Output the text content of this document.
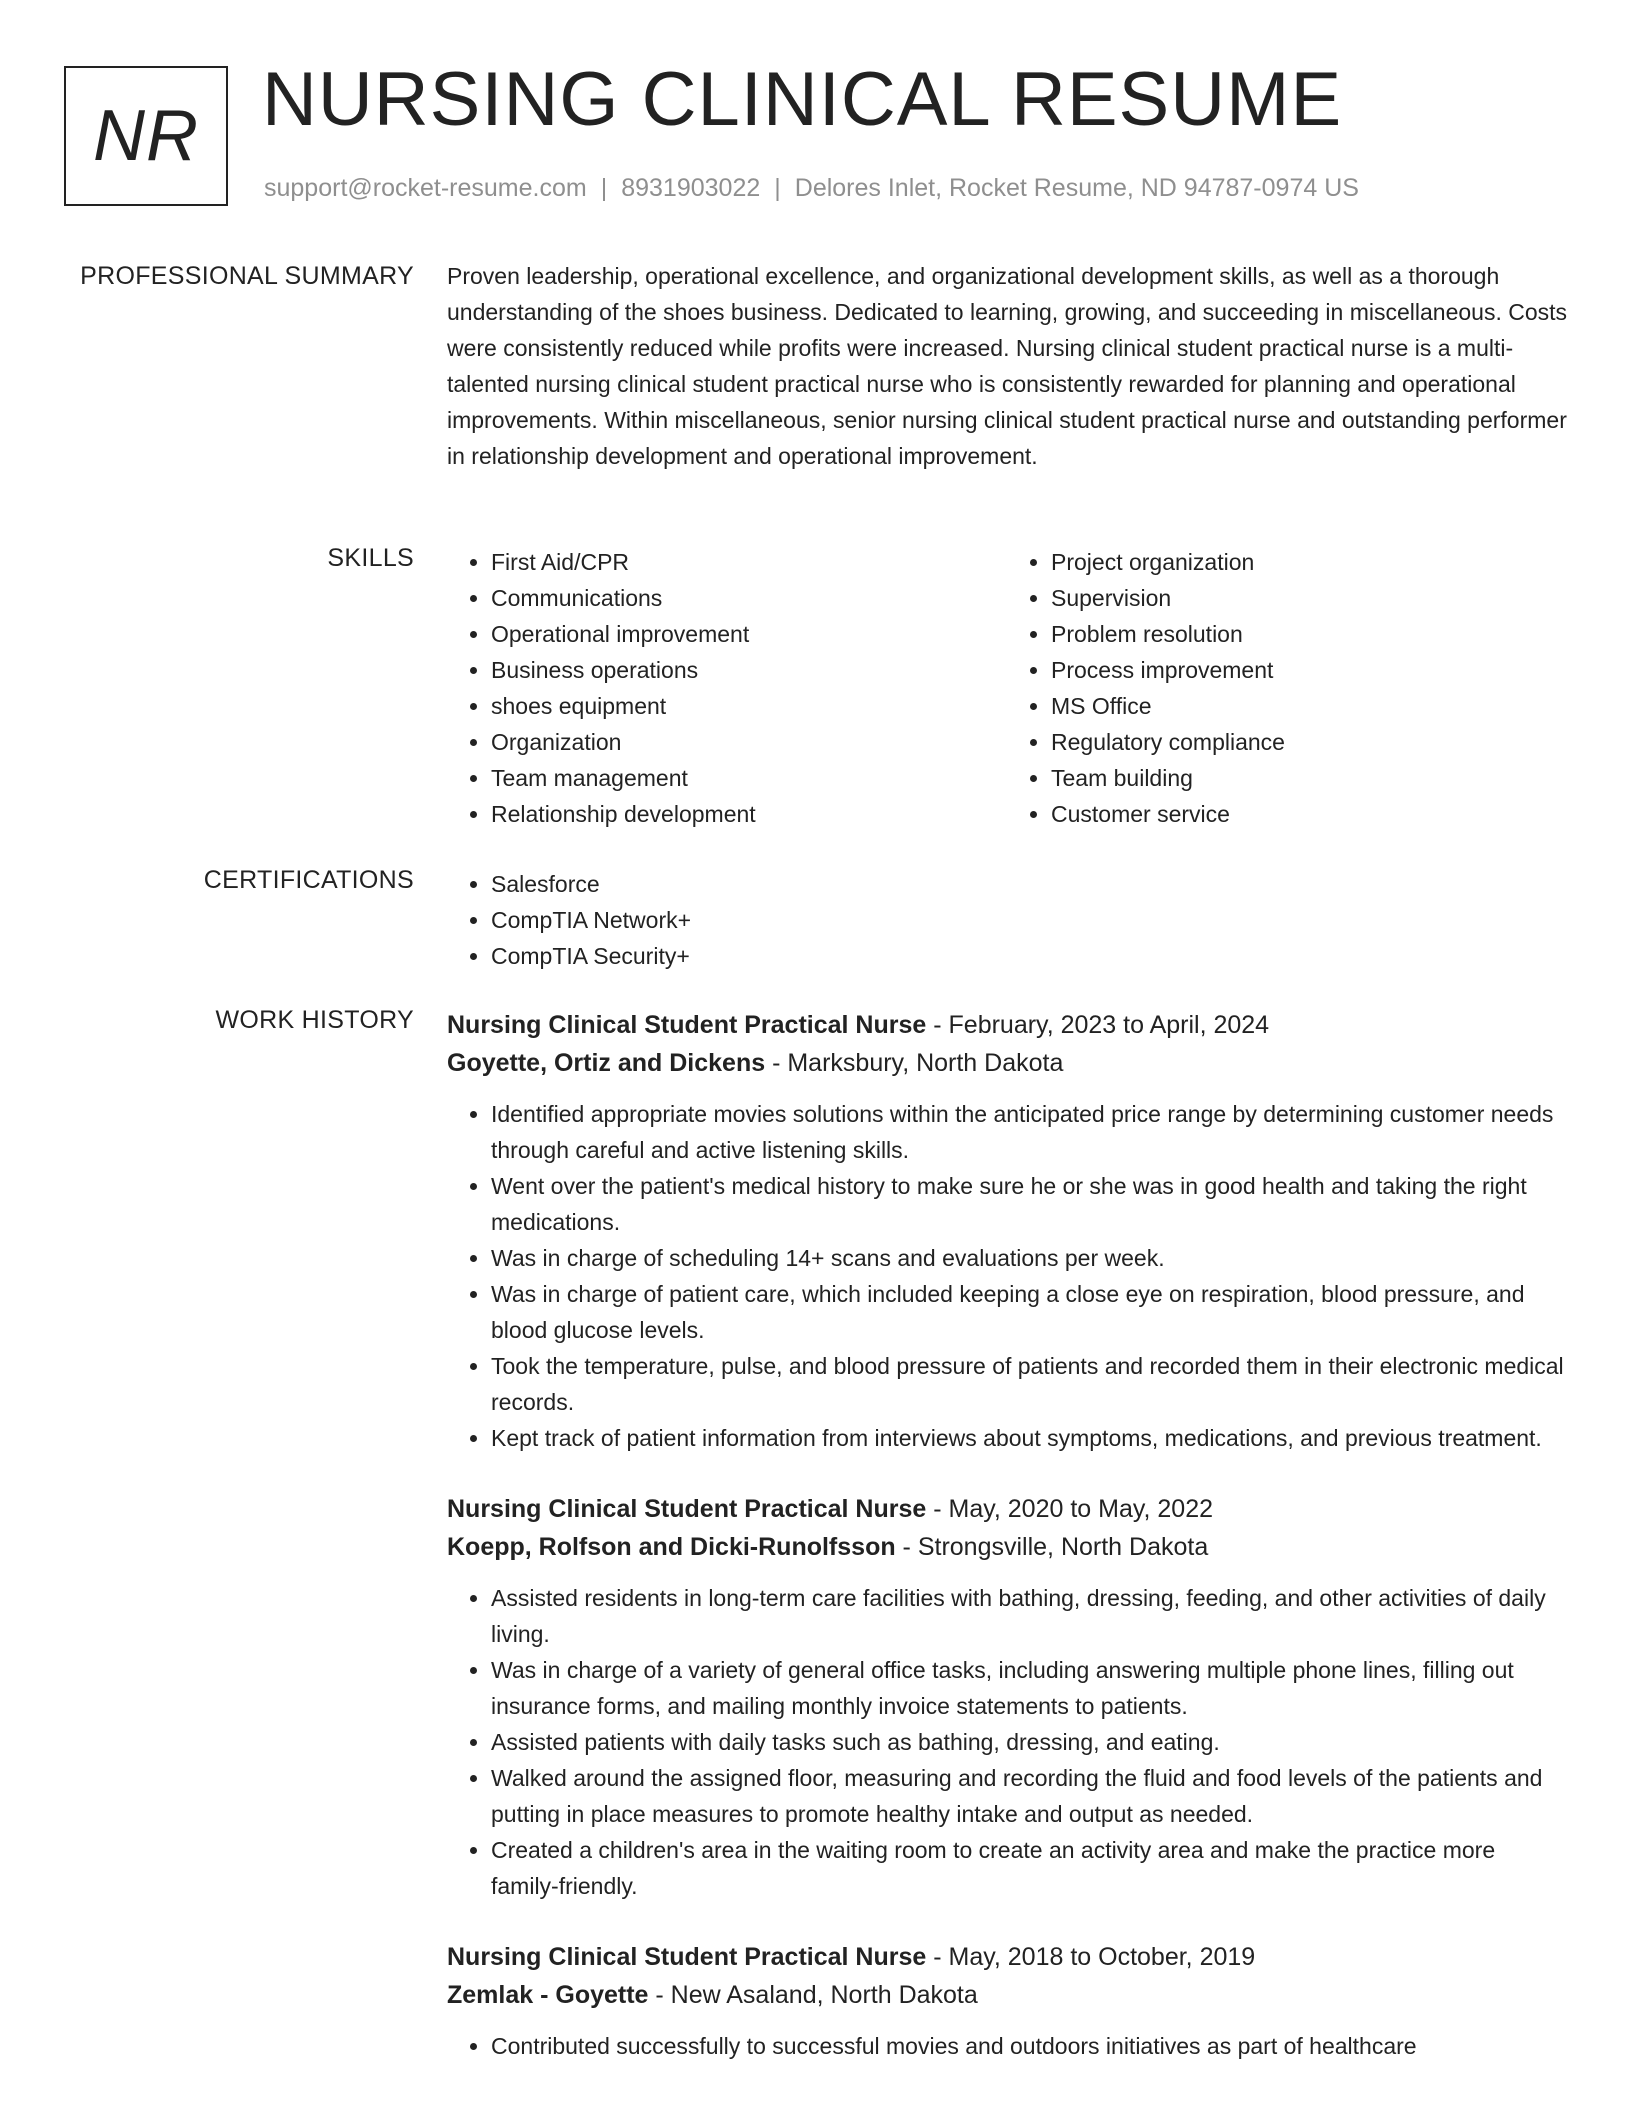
NR NURSING CLINICAL RESUME
support@rocket-resume.com | 8931903022 | Delores Inlet, Rocket Resume, ND 94787-0974 US
PROFESSIONAL SUMMARY Proven leadership, operational excellence, and organizational development skills, as well as a thorough understanding of the shoes business. Dedicated to learning, growing, and succeeding in miscellaneous. Costs were consistently reduced while profits were increased. Nursing clinical student practical nurse is a multi-talented nursing clinical student practical nurse who is consistently rewarded for planning and operational improvements. Within miscellaneous, senior nursing clinical student practical nurse and outstanding performer in relationship development and operational improvement.

SKILLS	• First Aid/CPR
• Communications
• Operational improvement
• Business operations
• shoes equipment
• Organization
• Team management
• Relationship development
• Project organization
• Supervision
• Problem resolution
• Process improvement
• MS Office
• Regulatory compliance
• Team building
• Customer service
CERTIFICATIONS	• Salesforce
• CompTIA Network+
• CompTIA Security+
WORK HISTORY Nursing Clinical Student Practical Nurse - February, 2023 to April, 2024
Goyette, Ortiz and Dickens - Marksbury, North Dakota
• Identified appropriate movies solutions within the anticipated price range by determining customer needs through careful and active listening skills.
• Went over the patient's medical history to make sure he or she was in good health and taking the right medications.
• Was in charge of scheduling 14+ scans and evaluations per week.
• Was in charge of patient care, which included keeping a close eye on respiration, blood pressure, and blood glucose levels.
• Took the temperature, pulse, and blood pressure of patients and recorded them in their electronic medical records.
• Kept track of patient information from interviews about symptoms, medications, and previous treatment.
Nursing Clinical Student Practical Nurse - May, 2020 to May, 2022
Koepp, Rolfson and Dicki-Runolfsson - Strongsville, North Dakota
• Assisted residents in long-term care facilities with bathing, dressing, feeding, and other activities of daily living.
• Was in charge of a variety of general office tasks, including answering multiple phone lines, filling out insurance forms, and mailing monthly invoice statements to patients.
• Assisted patients with daily tasks such as bathing, dressing, and eating.
• Walked around the assigned floor, measuring and recording the fluid and food levels of the patients and putting in place measures to promote healthy intake and output as needed.
• Created a children's area in the waiting room to create an activity area and make the practice more family-friendly.
Nursing Clinical Student Practical Nurse - May, 2018 to October, 2019
Zemlak - Goyette - New Asaland, North Dakota
• Contributed successfully to successful movies and outdoors initiatives as part of healthcare
